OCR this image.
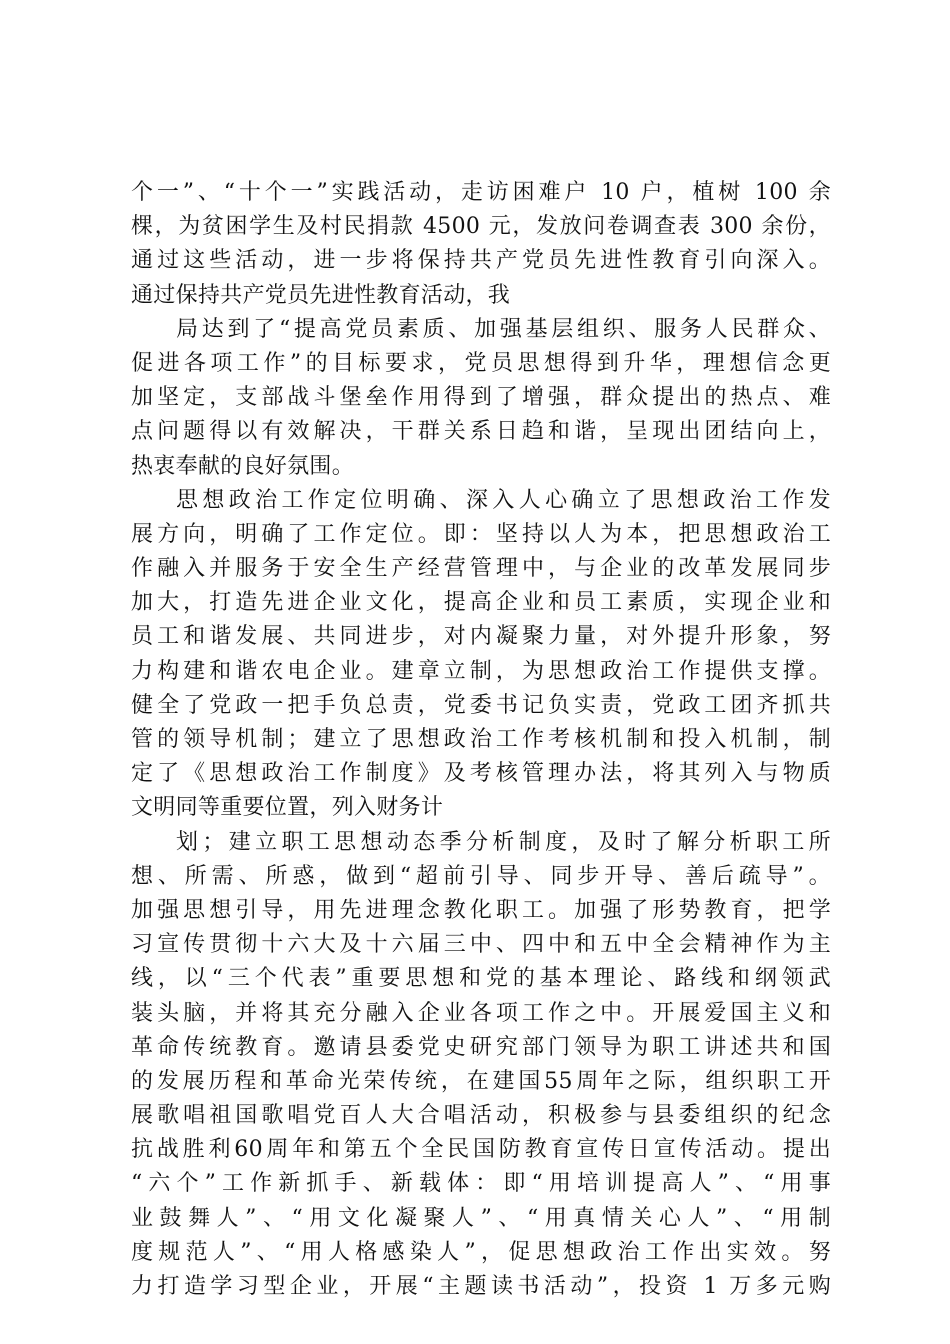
个一”、“十个一”实践活动，走访困难户 10 户，植树 100 余
棵，为贫困学生及村民捐款 4500 元，发放问卷调查表 300 余份，
通过这些活动，进一步将保持共产党员先进性教育引向深入。
通过保持共产党员先进性教育活动，我
局达到了“提高党员素质、加强基层组织、服务人民群众、
促进各项工作”的目标要求，党员思想得到升华，理想信念更
加坚定，支部战斗堡垒作用得到了增强，群众提出的热点、难
点问题得以有效解决，干群关系日趋和谐，呈现出团结向上，
热衷奉献的良好氛围。
思想政治工作定位明确、深入人心确立了思想政治工作发
展方向，明确了工作定位。即：坚持以人为本，把思想政治工
作融入并服务于安全生产经营管理中，与企业的改革发展同步
加大，打造先进企业文化，提高企业和员工素质，实现企业和
员工和谐发展、共同进步，对内凝聚力量，对外提升形象，努
力构建和谐农电企业。建章立制，为思想政治工作提供支撑。
健全了党政一把手负总责，党委书记负实责，党政工团齐抓共
管的领导机制；建立了思想政治工作考核机制和投入机制，制
定了《思想政治工作制度》及考核管理办法，将其列入与物质
文明同等重要位置，列入财务计
划；建立职工思想动态季分析制度，及时了解分析职工所
想、所需、所惑，做到“超前引导、同步开导、善后疏导”。
加强思想引导，用先进理念教化职工。加强了形势教育，把学
习宣传贯彻十六大及十六届三中、四中和五中全会精神作为主
线，以“三个代表”重要思想和党的基本理论、路线和纲领武
装头脑，并将其充分融入企业各项工作之中。开展爱国主义和
革命传统教育。邀请县委党史研究部门领导为职工讲述共和国
的发展历程和革命光荣传统，在建国55周年之际，组织职工开
展歌唱祖国歌唱党百人大合唱活动，积极参与县委组织的纪念
抗战胜利60周年和第五个全民国防教育宣传日宣传活动。提出
“六个”工作新抓手、新载体：即“用培训提高人”、“用事
业鼓舞人”、“用文化凝聚人”、“用真情关心人”、“用制
度规范人”、“用人格感染人”，促思想政治工作出实效。努
力打造学习型企业，开展“主题读书活动”，投资 1 万多元购
